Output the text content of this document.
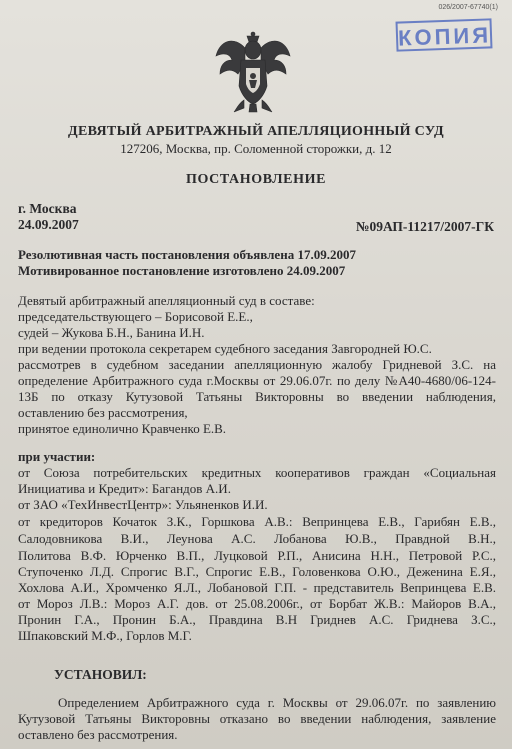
026/2007-67740(1)
КОПИЯ
ДЕВЯТЫЙ АРБИТРАЖНЫЙ АПЕЛЛЯЦИОННЫЙ СУД
127206, Москва, пр. Соломенной сторожки, д. 12
ПОСТАНОВЛЕНИЕ
г. Москва
24.09.2007	№09АП-11217/2007-ГК
Резолютивная часть постановления объявлена 17.09.2007
Мотивированное постановление изготовлено 24.09.2007
Девятый арбитражный апелляционный суд в составе:
председательствующего – Борисовой Е.Е.,
судей – Жукова Б.Н., Банина И.Н.
при ведении протокола секретарем судебного заседания Завгородней Ю.С.
рассмотрев в судебном заседании апелляционную жалобу Гридневой З.С. на
определение Арбитражного суда г.Москвы от 29.06.07г. по делу №А40-4680/06-124-
13Б по отказу Кутузовой Татьяны Викторовны во введении наблюдения,
оставлению без рассмотрения,
принятое единолично Кравченко Е.В.
при участии:
от Союза потребительских кредитных кооперативов граждан «Социальная
Инициатива и Кредит»: Багандов А.И.
от ЗАО «ТехИнвестЦентр»: Ульяненков И.И.
от кредиторов Кочаток З.К., Горшкова А.В.: Вепринцева Е.В., Гарибян Е.В.,
Салодовникова В.И., Леунова А.С. Лобанова Ю.В., Правдной В.Н.,
Политова В.Ф. Юрченко В.П., Луцковой Р.П., Анисина Н.Н., Петровой Р.С.,
Ступоченко Л.Д. Спрогис В.Г., Спрогис Е.В., Головенкова О.Ю., Деженина Е.Я.,
Хохлова А.И., Хромченко Я.Л., Лобановой Г.П. - представитель Вепринцева Е.В.
от Мороз Л.В.: Мороз А.Г. дов. от 25.08.2006г., от Борбат Ж.В.: Майоров В.А.,
Пронин Г.А., Пронин Б.А., Правдина В.Н Гриднев А.С. Гриднева З.С.,
Шпаковский М.Ф., Горлов М.Г.
УСТАНОВИЛ:
Определением Арбитражного суда г. Москвы от 29.06.07г. по заявлению
Кутузовой Татьяны Викторовны отказано во введении наблюдения, заявление
оставлено без рассмотрения.
